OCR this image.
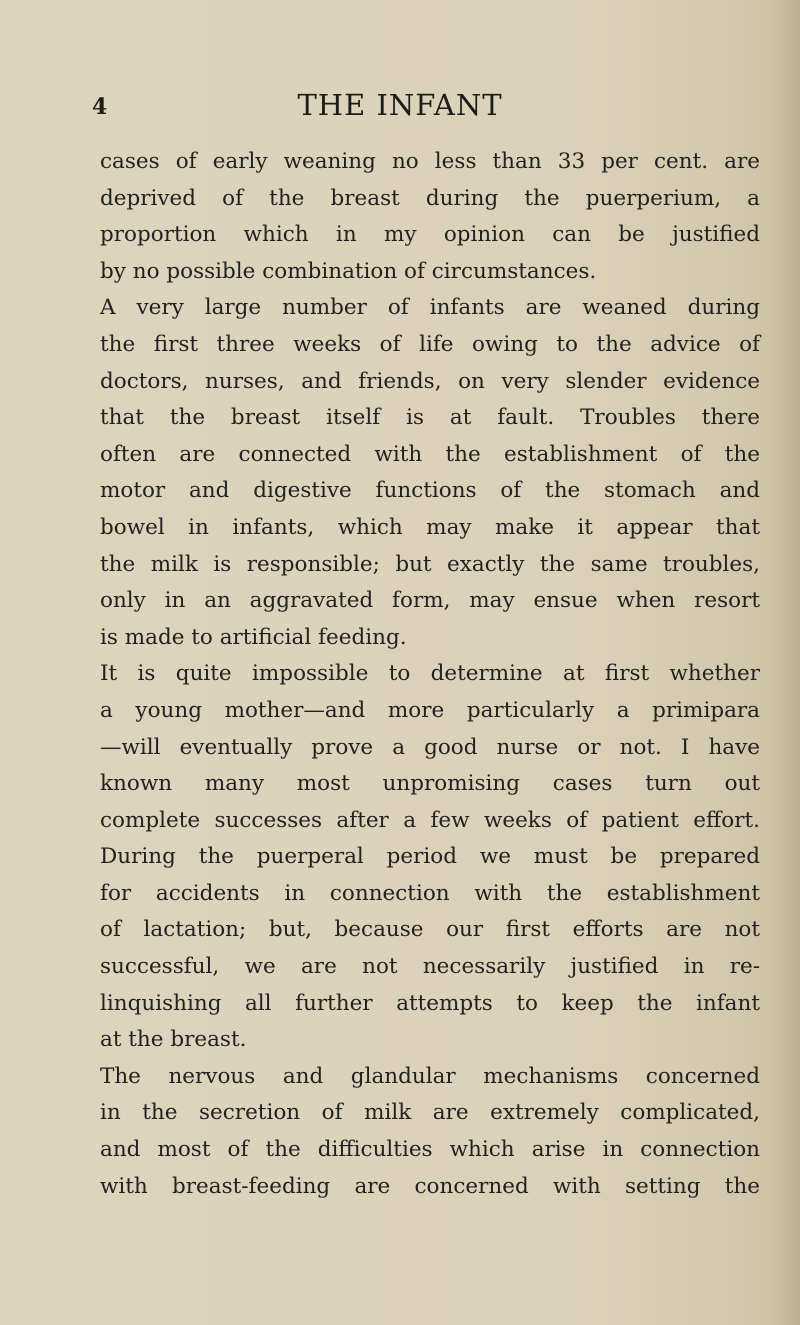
4	THE INFANT
cases of early weaning no less than 33 per cent. are
deprived of the breast during the puerperium, a
proportion which in my opinion can be justified
by no possible combination of circumstances.
A very large number of infants are weaned during
the first three weeks of life owing to the advice of
doctors, nurses, and friends, on very slender evidence
that the breast itself is at fault. Troubles there
often are connected with the establishment of the
motor and digestive functions of the stomach and
bowel in infants, which may make it appear that
the milk is responsible; but exactly the same troubles,
only in an aggravated form, may ensue when resort
is made to artificial feeding.
It is quite impossible to determine at first whether
a young mother—and more particularly a primipara
—will eventually prove a good nurse or not. I have
known many most unpromising cases turn out
complete successes after a few weeks of patient effort.
During the puerperal period we must be prepared
for accidents in connection with the establishment
of lactation; but, because our first efforts are not
successful, we are not necessarily justified in re-
linquishing all further attempts to keep the infant
at the breast.
The nervous and glandular mechanisms concerned
in the secretion of milk are extremely complicated,
and most of the difficulties which arise in connection
with breast-feeding are concerned with setting the
